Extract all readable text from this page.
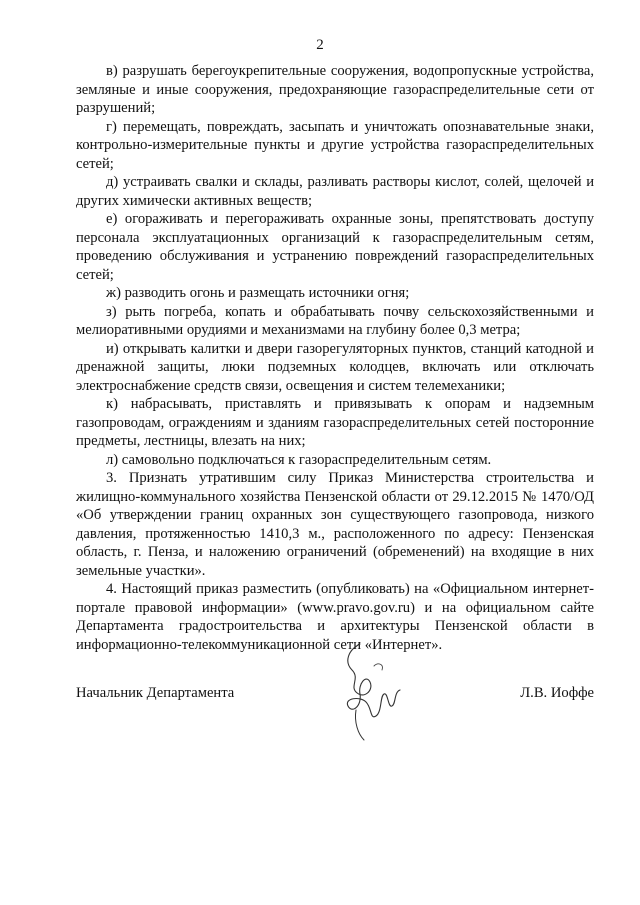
2

в) разрушать берегоукрепительные сооружения, водопропускные устройства, земляные и иные сооружения, предохраняющие газораспределительные сети от разрушений;

г) перемещать, повреждать, засыпать и уничтожать опознавательные знаки, контрольно-измерительные пункты и другие устройства газораспределительных сетей;

д) устраивать свалки и склады, разливать растворы кислот, солей, щелочей и других химически активных веществ;

е) огораживать и перегораживать охранные зоны, препятствовать доступу персонала эксплуатационных организаций к газораспределительным сетям, проведению обслуживания и устранению повреждений газораспределительных сетей;

ж) разводить огонь и размещать источники огня;

з) рыть погреба, копать и обрабатывать почву сельскохозяйственными и мелиоративными орудиями и механизмами на глубину более 0,3 метра;

и) открывать калитки и двери газорегуляторных пунктов, станций катодной и дренажной защиты, люки подземных колодцев, включать или отключать электроснабжение средств связи, освещения и систем телемеханики;

к) набрасывать, приставлять и привязывать к опорам и надземным газопроводам, ограждениям и зданиям газораспределительных сетей посторонние предметы, лестницы, влезать на них;

л) самовольно подключаться к газораспределительным сетям.

3. Признать утратившим силу Приказ Министерства строительства и жилищно-коммунального хозяйства Пензенской области от 29.12.2015 № 1470/ОД «Об утверждении границ охранных зон существующего газопровода, низкого давления, протяженностью 1410,3 м., расположенного по адресу: Пензенская область, г. Пенза, и наложению ограничений (обременений) на входящие в них земельные участки».

4. Настоящий приказ разместить (опубликовать) на «Официальном интернет-портале правовой информации» (www.pravo.gov.ru) и на официальном сайте Департамента градостроительства и архитектуры Пензенской области в информационно-телекоммуникационной сети «Интернет».

Начальник Департамента	Л.В. Иоффе
